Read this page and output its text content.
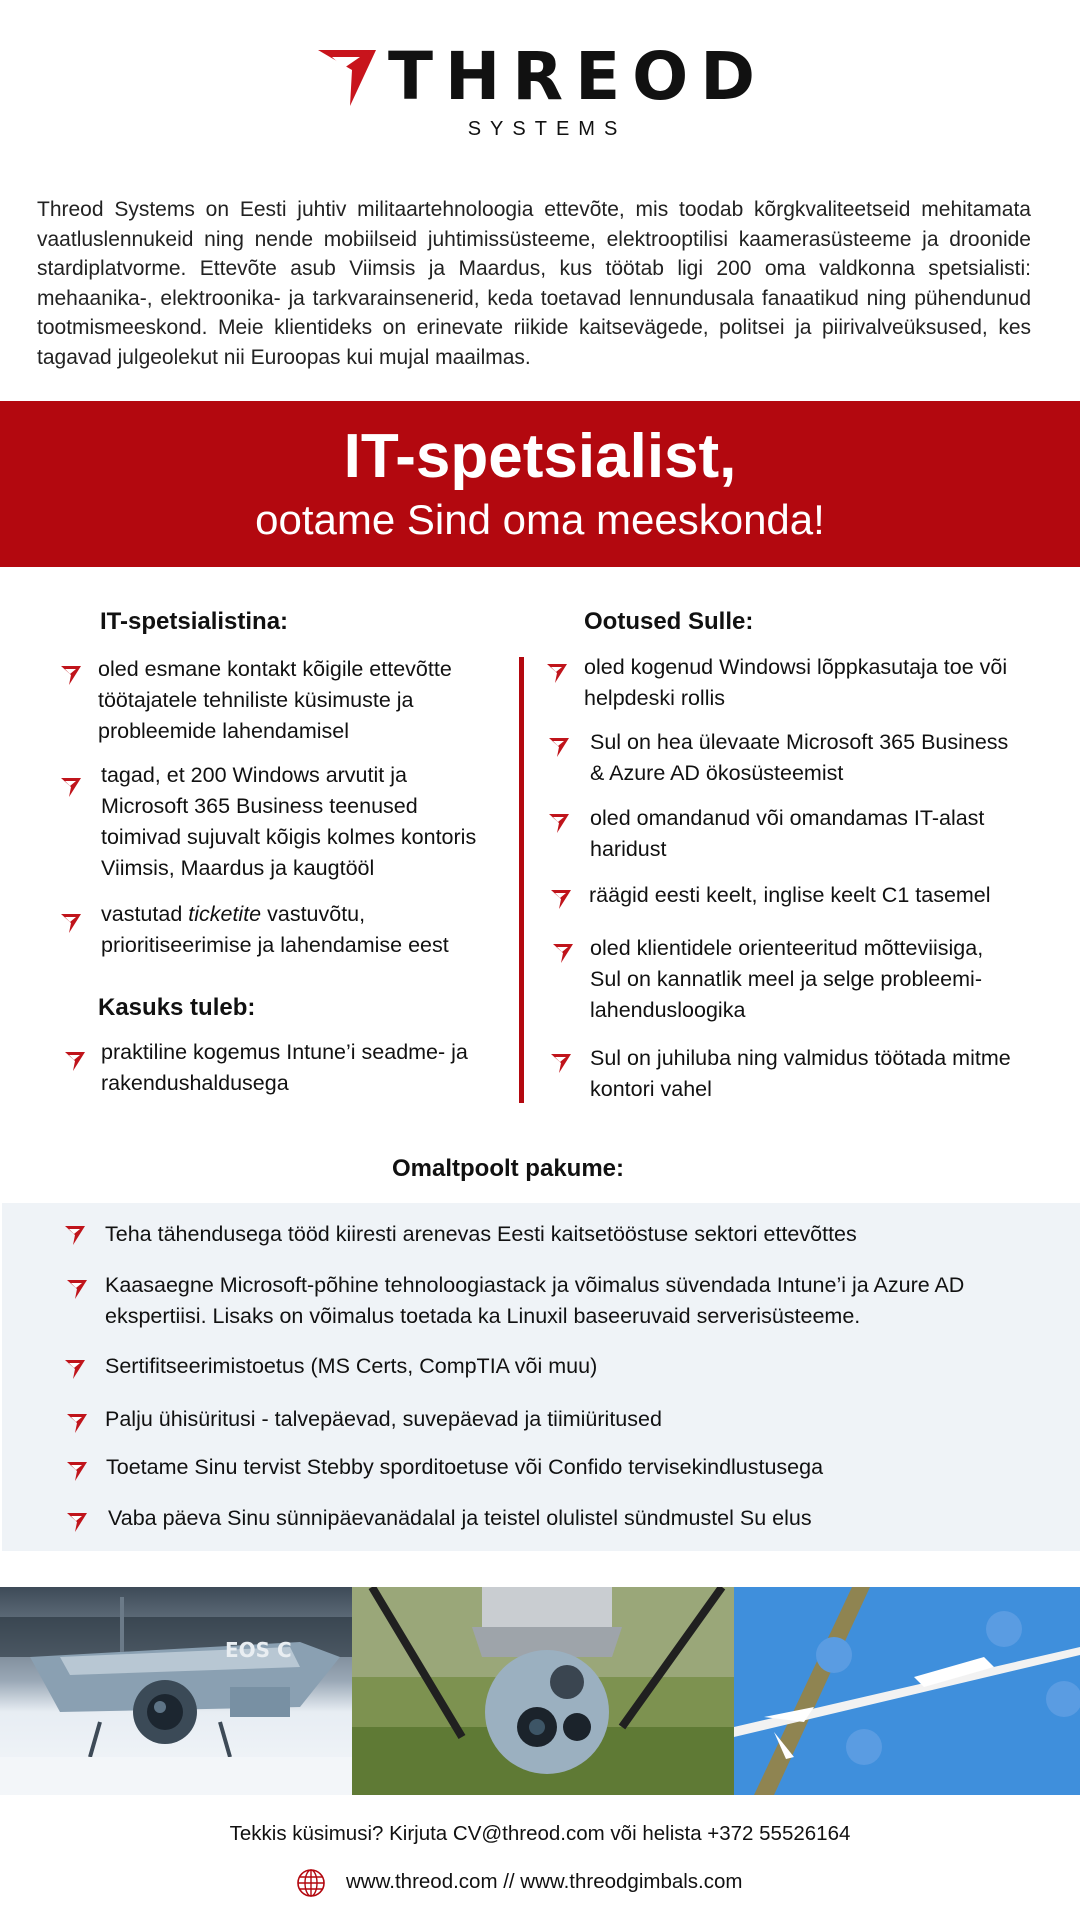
THREOD
SYSTEMS

Threod Systems on Eesti juhtiv militaartehnoloogia ettevõte, mis toodab kõrgkvaliteetseid mehitamata vaatluslennukeid ning nende mobiilseid juhtimissüsteeme, elektrooptilisi kaamerasüsteeme ja droonide stardiplatvorme. Ettevõte asub Viimsis ja Maardus, kus töötab ligi 200 oma valdkonna spetsialisti: mehaanika-, elektroonika- ja tarkvarainsenerid, keda toetavad lennundusala fanaatikud ning pühendunud tootmismeeskond. Meie klientideks on erinevate riikide kaitsevägede, politsei ja piirivalveüksused, kes tagavad julgeolekut nii Euroopas kui mujal maailmas.

IT-spetsialist,
ootame Sind oma meeskonda!
IT-spetsialistina:
oled esmane kontakt kõigile ettevõtte töötajatele tehniliste küsimuste ja probleemide lahendamisel
tagad, et 200 Windows arvutit ja Microsoft 365 Business teenused toimivad sujuvalt kõigis kolmes kontoris Viimsis, Maardus ja kaugtööl
vastutad ticketite vastuvõtu, prioritiseerimise ja lahendamise eest
Kasuks tuleb:
praktiline kogemus Intune’i seadme- ja rakendushaldusega
Ootused Sulle:
oled kogenud Windowsi lõppkasutaja toe või helpdeski rollis
Sul on hea ülevaate Microsoft 365 Business & Azure AD ökosüsteemist
oled omandanud või omandamas IT-alast haridust
räägid eesti keelt, inglise keelt C1 tasemel
oled klientidele orienteeritud mõtteviisiga, Sul on kannatlik meel ja selge probleemi-lahendusloogika
Sul on juhiluba ning valmidus töötada mitme kontori vahel
Omaltpoolt pakume:
Teha tähendusega tööd kiiresti arenevas Eesti kaitsetööstuse sektori ettevõttes
Kaasaegne Microsoft-põhine tehnoloogiastack ja võimalus süvendada Intune’i ja Azure AD ekspertiisi. Lisaks on võimalus toetada ka Linuxil baseeruvaid serverisüsteeme.
Sertifitseerimistoetus (MS Certs, CompTIA või muu)
Palju ühisüritusi - talvepäevad, suvepäevad ja tiimiüritused
Toetame Sinu tervist Stebby sporditoetuse või Confido tervisekindlustusega
Vaba päeva Sinu sünnipäevanädalal ja teistel olulistel sündmustel Su elus
EOS C
Tekkis küsimusi? Kirjuta CV@threod.com või helista +372 55526164
www.threod.com // www.threodgimbals.com
